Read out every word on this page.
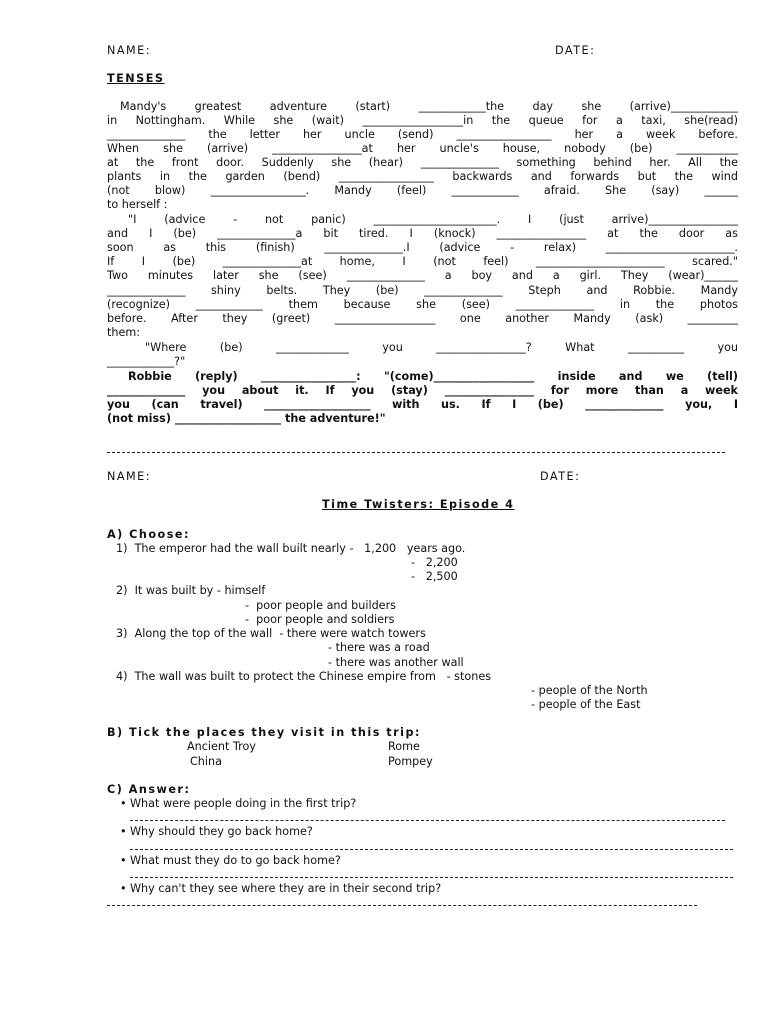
NAME:	DATE:
TENSES
Mandy's greatest adventure (start) ____________the day she (arrive)____________
in Nottingham. While she (wait) __________________in the queue for a taxi, she(read)
______________ the letter her uncle (send) _________________ her a week before.
When she (arrive) ________________at her uncle's house, nobody (be) ___________
at the front door. Suddenly she (hear) ______________ something behind her. All the
plants in the garden (bend) _________________ backwards and forwards but the wind
(not blow) _________________. Mandy (feel) ____________ afraid. She (say) ______
to herself :
"I (advice - not panic) ______________________. I (just arrive)________________
and I (be) ______________a bit tired. I (knock) ________________ at the door as
soon as this (finish) ______________.I (advice - relax) _______________________.
If I (be) ______________at home, I (not feel) _______________________ scared."
Two minutes later she (see) ______________ a boy and a girl. They (wear)______
______________ shiny belts. They (be) ______________ Steph and Robbie. Mandy
(recognize) ____________ them because she (see) ______________ in the photos
before. After they (greet) __________________ one another Mandy (ask) _________
them:
"Where (be) _____________ you ________________? What __________ you
____________?"
Robbie (reply) _________________: "(come)__________________ inside and we (tell)
______________ you about it. If you (stay) ________________ for more than a week
you (can travel) ___________________ with us. If I (be) ______________ you, I
(not miss) ___________________ the adventure!"
NAME:	DATE:
Time Twisters: Episode 4
A) Choose:
1)  The emperor had the wall built nearly -   1,200   years ago.
-   2,200
-   2,500
2)  It was built by - himself
-  poor people and builders
-  poor people and soldiers
3)  Along the top of the wall  - there were watch towers
- there was a road
- there was another wall
4)  The wall was built to protect the Chinese empire from   - stones
- people of the North
- people of the East
B) Tick the places they visit in this trip:
Ancient Troy	Rome
China	Pompey
C) Answer:
• What were people doing in the first trip?
• Why should they go back home?
• What must they do to go back home?
• Why can't they see where they are in their second trip?
